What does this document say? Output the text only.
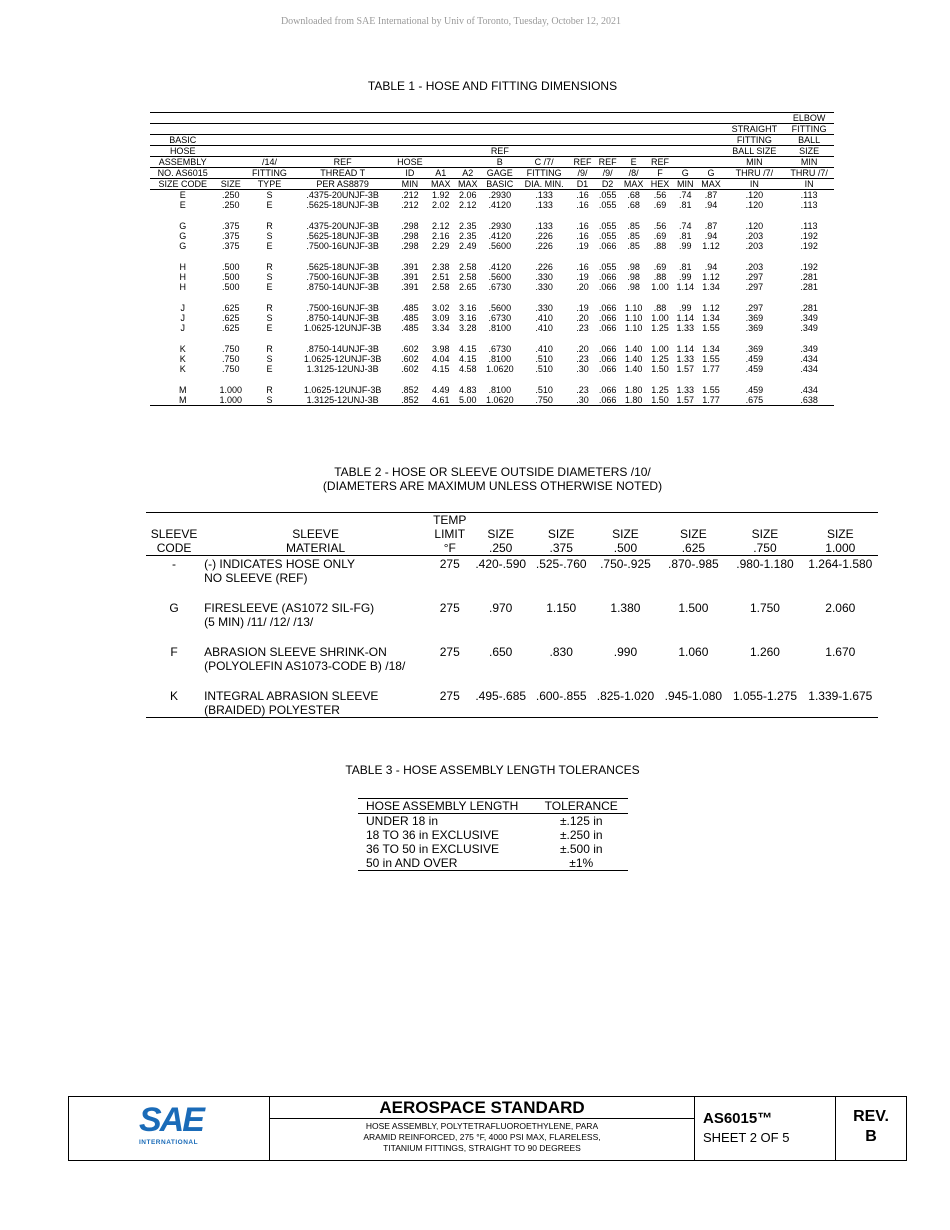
Downloaded from SAE International by Univ of Toronto, Tuesday, October 12, 2021
TABLE 1 - HOSE AND FITTING DIMENSIONS
																ELBOW
															STRAIGHT	FITTING
BASIC															FITTING	BALL
HOSE							REF								BALL SIZE	SIZE
ASSEMBLY		/14/	REF	HOSE			B	C /7/	REF	REF	E	REF			MIN	MIN
NO. AS6015		FITTING	THREAD T	ID	A1	A2	GAGE	FITTING	/9/	/9/	/8/	F	G	G	THRU /7/	THRU /7/
SIZE CODE	SIZE	TYPE	PER AS8879	MIN	MAX	MAX	BASIC	DIA. MIN.	D1	D2	MAX	HEX	MIN	MAX	IN	IN
E	.250	S	.4375-20UNJF-3B	.212	1.92	2.06	.2930	.133	.16	.055	.68	.56	.74	.87	.120	.113
E	.250	E	.5625-18UNJF-3B	.212	2.02	2.12	.4120	.133	.16	.055	.68	.69	.81	.94	.120	.113

G	.375	R	.4375-20UNJF-3B	.298	2.12	2.35	.2930	.133	.16	.055	.85	.56	.74	.87	.120	.113
G	.375	S	.5625-18UNJF-3B	.298	2.16	2.35	.4120	.226	.16	.055	.85	.69	.81	.94	.203	.192
G	.375	E	.7500-16UNJF-3B	.298	2.29	2.49	.5600	.226	.19	.066	.85	.88	.99	1.12	.203	.192

H	.500	R	.5625-18UNJF-3B	.391	2.38	2.58	.4120	.226	.16	.055	.98	.69	.81	.94	.203	.192
H	.500	S	.7500-16UNJF-3B	.391	2.51	2.58	.5600	.330	.19	.066	.98	.88	.99	1.12	.297	.281
H	.500	E	.8750-14UNJF-3B	.391	2.58	2.65	.6730	.330	.20	.066	.98	1.00	1.14	1.34	.297	.281

J	.625	R	.7500-16UNJF-3B	.485	3.02	3.16	.5600	.330	.19	.066	1.10	.88	.99	1.12	.297	.281
J	.625	S	.8750-14UNJF-3B	.485	3.09	3.16	.6730	.410	.20	.066	1.10	1.00	1.14	1.34	.369	.349
J	.625	E	1.0625-12UNJF-3B	.485	3.34	3.28	.8100	.410	.23	.066	1.10	1.25	1.33	1.55	.369	.349

K	.750	R	.8750-14UNJF-3B	.602	3.98	4.15	.6730	.410	.20	.066	1.40	1.00	1.14	1.34	.369	.349
K	.750	S	1.0625-12UNJF-3B	.602	4.04	4.15	.8100	.510	.23	.066	1.40	1.25	1.33	1.55	.459	.434
K	.750	E	1.3125-12UNJ-3B	.602	4.15	4.58	1.0620	.510	.30	.066	1.40	1.50	1.57	1.77	.459	.434

M	1.000	R	1.0625-12UNJF-3B	.852	4.49	4.83	.8100	.510	.23	.066	1.80	1.25	1.33	1.55	.459	.434
M	1.000	S	1.3125-12UNJ-3B	.852	4.61	5.00	1.0620	.750	.30	.066	1.80	1.50	1.57	1.77	.675	.638
TABLE 2 - HOSE OR SLEEVE OUTSIDE DIAMETERS /10/
(DIAMETERS ARE MAXIMUM UNLESS OTHERWISE NOTED)
		TEMP						
SLEEVE	SLEEVE	LIMIT	SIZE	SIZE	SIZE	SIZE	SIZE	SIZE
CODE	MATERIAL	°F	.250	.375	.500	.625	.750	1.000
-	(-) INDICATES HOSE ONLY
NO SLEEVE (REF)	275	.420-.590	.525-.760	.750-.925	.870-.985	.980-1.180	1.264-1.580

G	FIRESLEEVE (AS1072 SIL-FG)
(5 MIN) /11/ /12/ /13/	275	.970	1.150	1.380	1.500	1.750	2.060

F	ABRASION SLEEVE SHRINK-ON
(POLYOLEFIN AS1073-CODE B) /18/	275	.650	.830	.990	1.060	1.260	1.670

K	INTEGRAL ABRASION SLEEVE
(BRAIDED) POLYESTER	275	.495-.685	.600-.855	.825-1.020	.945-1.080	1.055-1.275	1.339-1.675
TABLE 3 - HOSE ASSEMBLY LENGTH TOLERANCES
HOSE ASSEMBLY LENGTH	TOLERANCE
UNDER 18 in	±.125 in
18 TO 36 in EXCLUSIVE	±.250 in
36 TO 50 in EXCLUSIVE	±.500 in
50 in AND OVER	±1%
SAE
INTERNATIONAL
AEROSPACE STANDARD
HOSE ASSEMBLY, POLYTETRAFLUOROETHYLENE, PARA
ARAMID REINFORCED, 275 °F, 4000 PSI MAX, FLARELESS,
TITANIUM FITTINGS, STRAIGHT TO 90 DEGREES
AS6015™
SHEET 2 OF 5
REV.
B
